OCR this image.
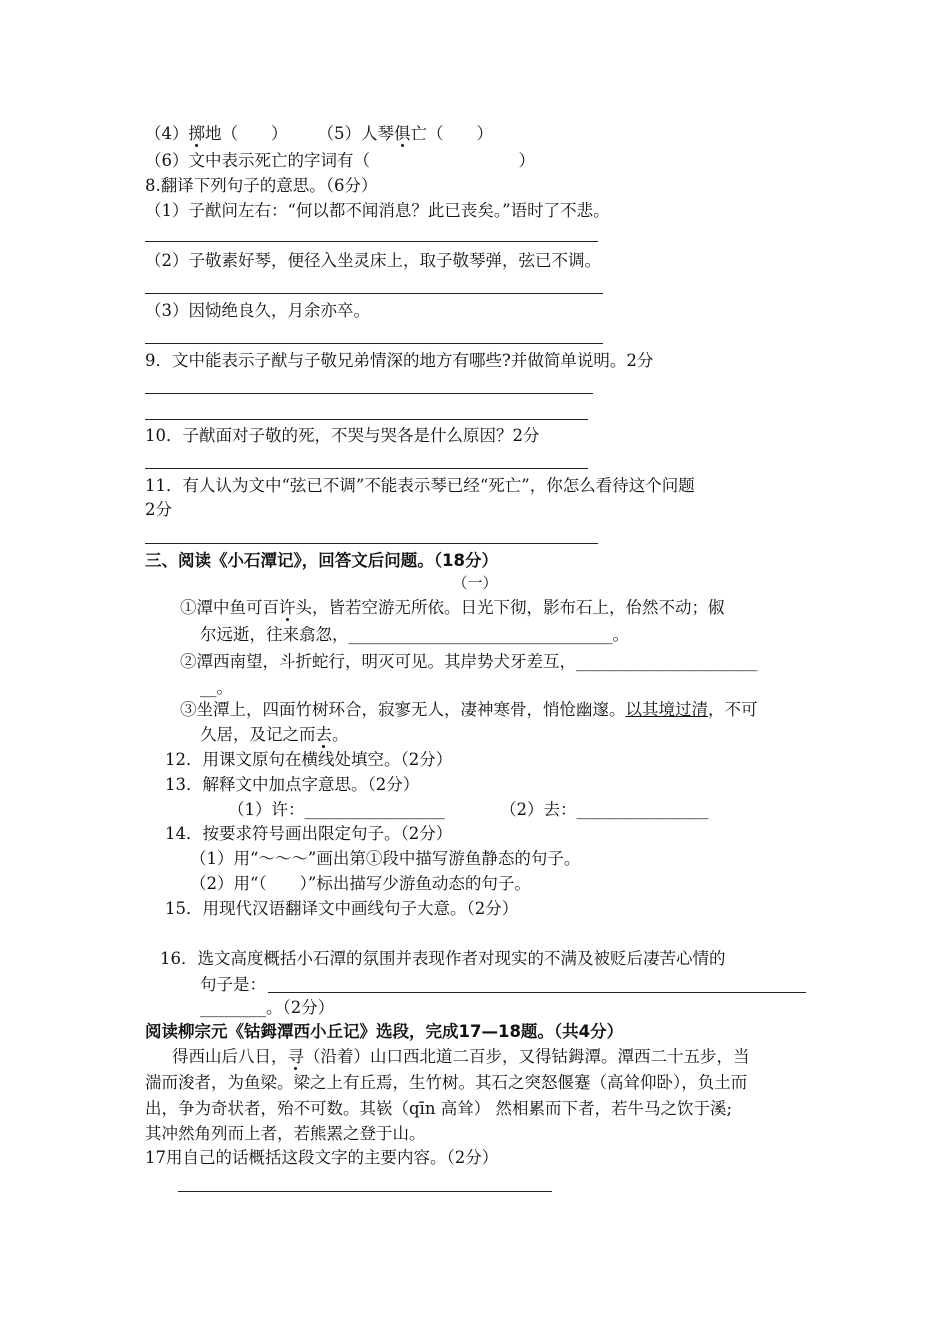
（4）掷地（　　） （5）人琴俱亡（　　）
（6）文中表示死亡的字词有（　　　　　　　　　）
8.翻译下列句子的意思。（6分）
（1）子猷问左右：“何以都不闻消息？此已丧矣。”语时了不悲。
（2）子敬素好琴，便径入坐灵床上，取子敬琴弹，弦已不调。
（3）因恸绝良久，月余亦卒。
9．文中能表示子猷与子敬兄弟情深的地方有哪些?并做简单说明。2分
10．子猷面对子敬的死，不哭与哭各是什么原因？2分
11．有人认为文中“弦已不调”不能表示琴已经“死亡”，你怎么看待这个问题
2分
三、阅读《小石潭记》，回答文后问题。（18分）
（一）
①潭中鱼可百许头，皆若空游无所依。日光下彻，影布石上，佁然不动；俶
尔远逝，往来翕忽，________________________________。
②潭西南望，斗折蛇行，明灭可见。其岸势犬牙差互，______________________
__。
③坐潭上，四面竹树环合，寂寥无人，凄神寒骨，悄怆幽邃。以其境过清，不可
久居，及记之而去。
12．用课文原句在横线处填空。（2分）
13．解释文中加点字意思。（2分）
（1）许：_________________	（2）去：________________
14．按要求符号画出限定句子。（2分）
（1）用“～～～”画出第①段中描写游鱼静态的句子。
（2）用“（　　）”标出描写少游鱼动态的句子。
15．用现代汉语翻译文中画线句子大意。（2分）
16．选文高度概括小石潭的氛围并表现作者对现实的不满及被贬后凄苦心情的
句子是：
________。（2分）
阅读柳宗元《钴鉧潭西小丘记》选段，完成17—18题。（共4分）
得西山后八日，寻（沿着）山口西北道二百步，又得钴鉧潭。潭西二十五步，当
湍而浚者，为鱼梁。梁之上有丘焉，生竹树。其石之突怒偃蹇（高耸仰卧），负土而
出，争为奇状者，殆不可数。其嵚（qīn 高耸） 然相累而下者，若牛马之饮于溪;
其冲然角列而上者，若熊罴之登于山。
17用自己的话概括这段文字的主要内容。（2分）
